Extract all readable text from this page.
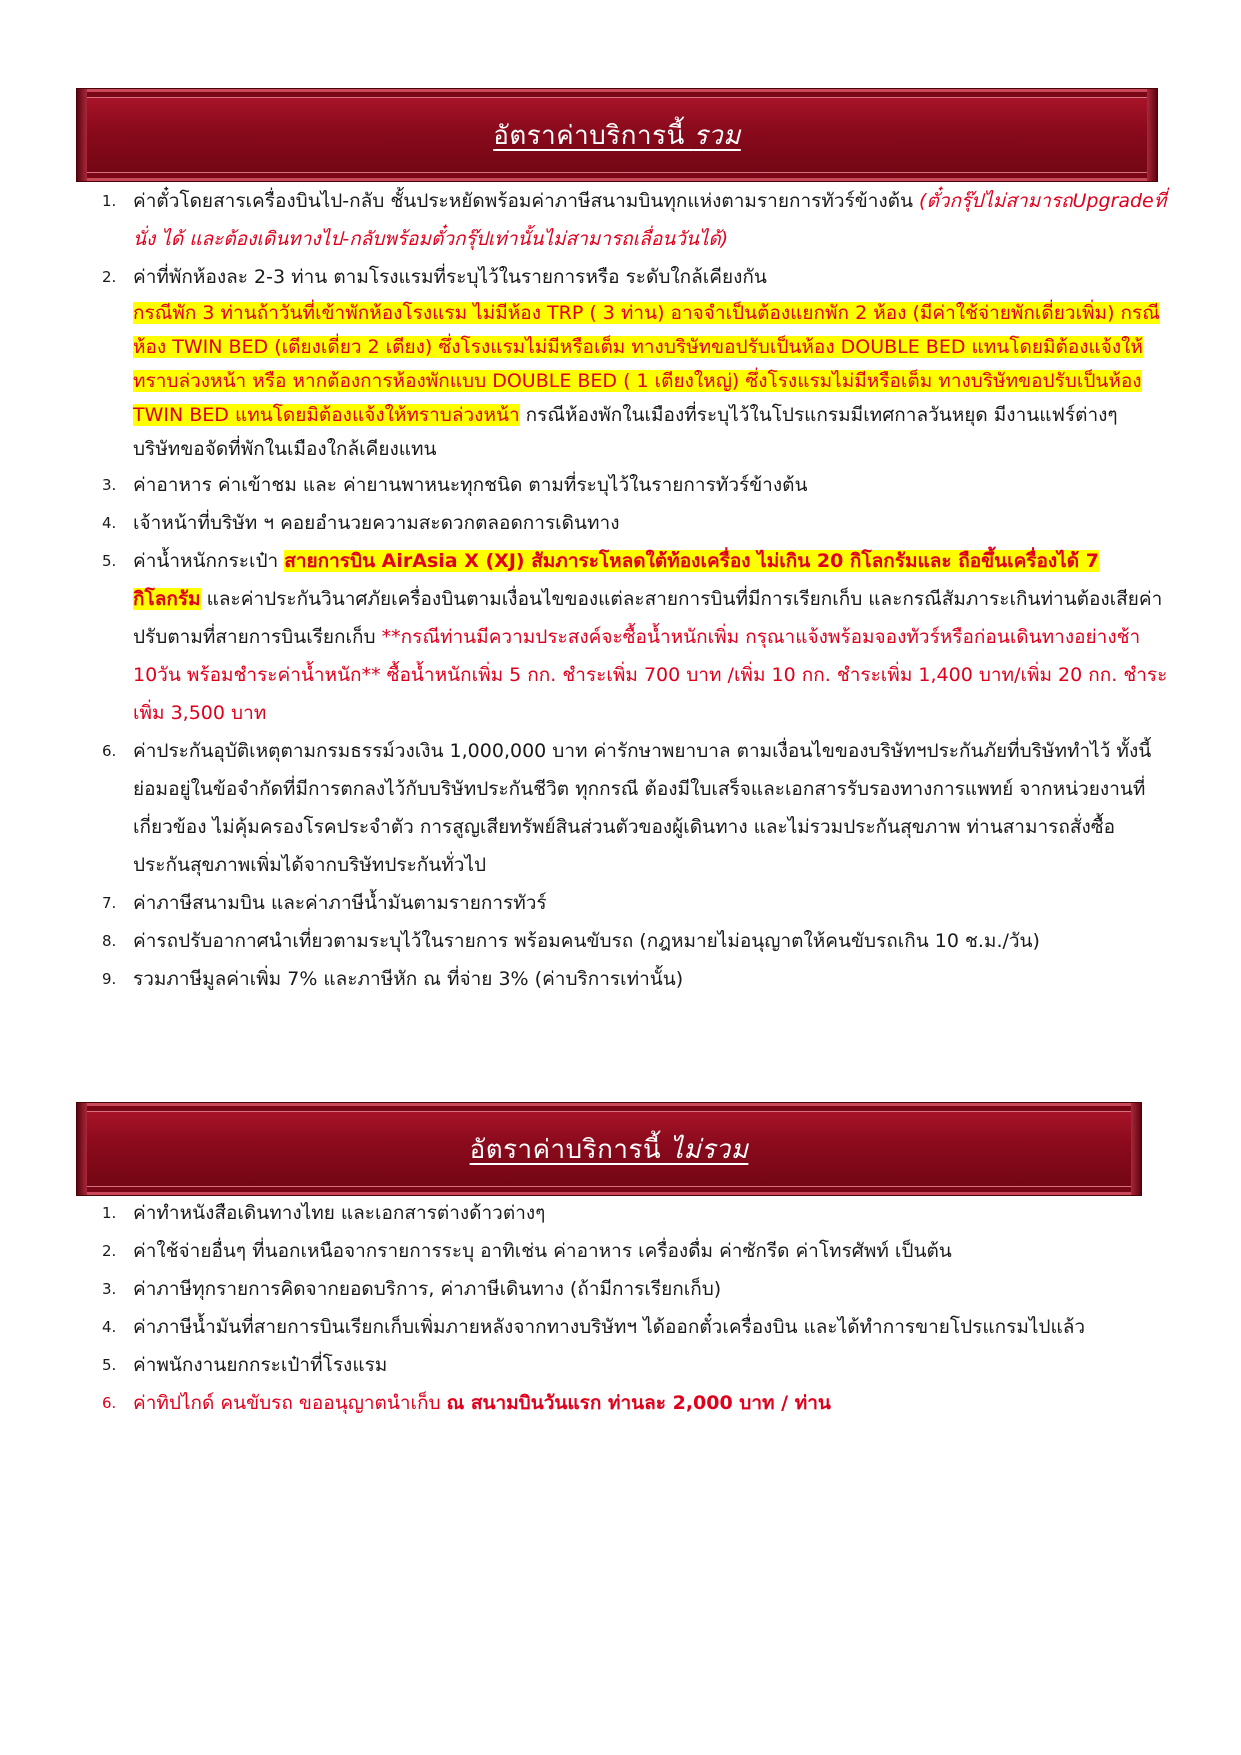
อัตราค่าบริการนี้ รวม
1. ค่าตั๋วโดยสารเครื่องบินไป-กลับ ชั้นประหยัดพร้อมค่าภาษีสนามบินทุกแห่งตามรายการทัวร์ข้างต้น (ตั๋วกรุ๊ปไม่สามารถUpgradeที่นั่ง ได้ และต้องเดินทางไป-กลับพร้อมตั๋วกรุ๊ปเท่านั้นไม่สามารถเลื่อนวันได้)
2. ค่าที่พักห้องละ 2-3 ท่าน ตามโรงแรมที่ระบุไว้ในรายการหรือ ระดับใกล้เคียงกัน

กรณีพัก 3 ท่านถ้าวันที่เข้าพักห้องโรงแรม ไม่มีห้อง TRP ( 3 ท่าน) อาจจำเป็นต้องแยกพัก 2 ห้อง (มีค่าใช้จ่ายพักเดี่ยวเพิ่ม) กรณีห้อง TWIN BED (เตียงเดี่ยว 2 เตียง) ซึ่งโรงแรมไม่มีหรือเต็ม ทางบริษัทขอปรับเป็นห้อง DOUBLE BED แทนโดยมิต้องแจ้งให้ทราบล่วงหน้า หรือ หากต้องการห้องพักแบบ DOUBLE BED ( 1 เตียงใหญ่) ซึ่งโรงแรมไม่มีหรือเต็ม ทางบริษัทขอปรับเป็นห้อง TWIN BED แทนโดยมิต้องแจ้งให้ทราบล่วงหน้า กรณีห้องพักในเมืองที่ระบุไว้ในโปรแกรมมีเทศกาลวันหยุด มีงานแฟร์ต่างๆ บริษัทขอจัดที่พักในเมืองใกล้เคียงแทน
3. ค่าอาหาร ค่าเข้าชม และ ค่ายานพาหนะทุกชนิด ตามที่ระบุไว้ในรายการทัวร์ข้างต้น
4. เจ้าหน้าที่บริษัท ฯ คอยอำนวยความสะดวกตลอดการเดินทาง
5. ค่าน้ำหนักกระเป๋า สายการบิน AirAsia X (XJ) สัมภาระโหลดใต้ท้องเครื่อง ไม่เกิน 20 กิโลกรัมและ ถือขึ้นเครื่องได้ 7 กิโลกรัม และค่าประกันวินาศภัยเครื่องบินตามเงื่อนไขของแต่ละสายการบินที่มีการเรียกเก็บ และกรณีสัมภาระเกินท่านต้องเสียค่าปรับตามที่สายการบินเรียกเก็บ **กรณีท่านมีความประสงค์จะซื้อน้ำหนักเพิ่ม กรุณาแจ้งพร้อมจองทัวร์หรือก่อนเดินทางอย่างช้า 10วัน พร้อมชำระค่าน้ำหนัก** ซื้อน้ำหนักเพิ่ม 5 กก. ชำระเพิ่ม 700 บาท /เพิ่ม 10 กก. ชำระเพิ่ม 1,400 บาท/เพิ่ม 20 กก. ชำระเพิ่ม 3,500 บาท
6. ค่าประกันอุบัติเหตุตามกรมธรรม์วงเงิน 1,000,000 บาท ค่ารักษาพยาบาล ตามเงื่อนไขของบริษัทฯประกันภัยที่บริษัททำไว้ ทั้งนี้ย่อมอยู่ในข้อจำกัดที่มีการตกลงไว้กับบริษัทประกันชีวิต ทุกกรณี ต้องมีใบเสร็จและเอกสารรับรองทางการแพทย์ จากหน่วยงานที่เกี่ยวข้อง ไม่คุ้มครองโรคประจำตัว การสูญเสียทรัพย์สินส่วนตัวของผู้เดินทาง และไม่รวมประกันสุขภาพ ท่านสามารถสั่งซื้อประกันสุขภาพเพิ่มได้จากบริษัทประกันทั่วไป
7. ค่าภาษีสนามบิน และค่าภาษีน้ำมันตามรายการทัวร์
8. ค่ารถปรับอากาศนำเที่ยวตามระบุไว้ในรายการ พร้อมคนขับรถ (กฎหมายไม่อนุญาตให้คนขับรถเกิน 10 ช.ม./วัน)
9. รวมภาษีมูลค่าเพิ่ม 7% และภาษีหัก ณ ที่จ่าย 3% (ค่าบริการเท่านั้น)
อัตราค่าบริการนี้ ไม่รวม
1. ค่าทำหนังสือเดินทางไทย และเอกสารต่างด้าวต่างๆ
2. ค่าใช้จ่ายอื่นๆ ที่นอกเหนือจากรายการระบุ อาทิเช่น ค่าอาหาร เครื่องดื่ม ค่าซักรีด ค่าโทรศัพท์ เป็นต้น
3. ค่าภาษีทุกรายการคิดจากยอดบริการ, ค่าภาษีเดินทาง (ถ้ามีการเรียกเก็บ)
4. ค่าภาษีน้ำมันที่สายการบินเรียกเก็บเพิ่มภายหลังจากทางบริษัทฯ ได้ออกตั๋วเครื่องบิน และได้ทำการขายโปรแกรมไปแล้ว
5. ค่าพนักงานยกกระเป๋าที่โรงแรม
6. ค่าทิปไกด์ คนขับรถ ขออนุญาตนำเก็บ ณ สนามบินวันแรก ท่านละ 2,000 บาท / ท่าน
